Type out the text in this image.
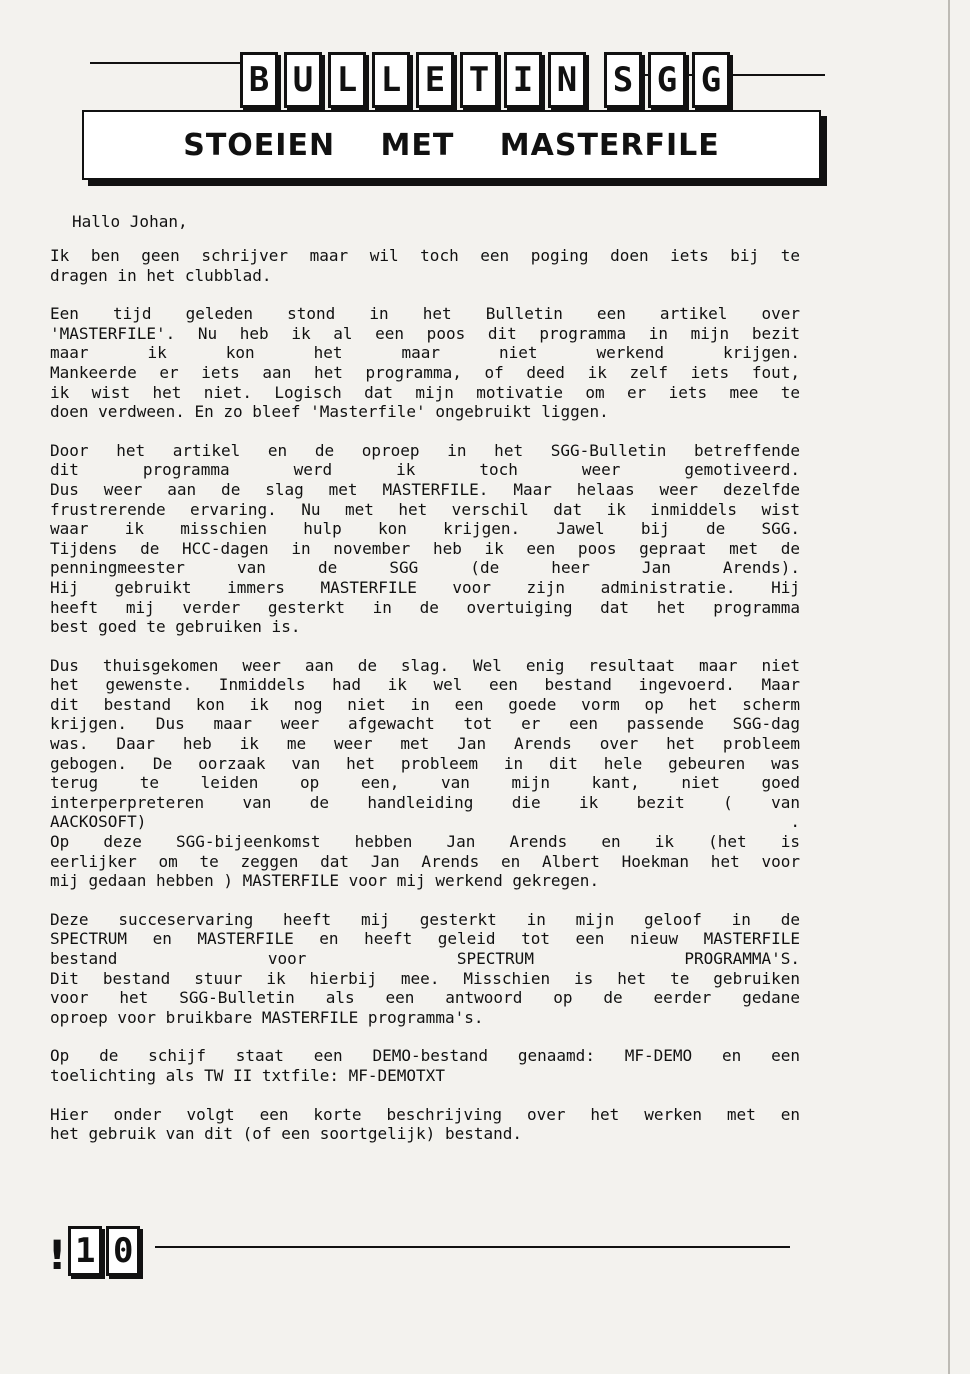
B U L L E T I N S G G
STOEIEN MET MASTERFILE
Hallo Johan,
Ik ben geen schrijver maar wil toch een poging doen iets bij te
dragen in het clubblad.
Een tijd geleden stond in het Bulletin een artikel over
'MASTERFILE'. Nu heb ik al een poos dit programma in mijn bezit
maar ik kon het maar niet werkend krijgen.
Mankeerde er iets aan het programma, of deed ik zelf iets fout,
ik wist het niet. Logisch dat mijn motivatie om er iets mee te
doen verdween. En zo bleef 'Masterfile' ongebruikt liggen.
Door het artikel en de oproep in het SGG-Bulletin betreffende
dit programma werd ik toch weer gemotiveerd.
Dus weer aan de slag met MASTERFILE. Maar helaas weer dezelfde
frustrerende ervaring. Nu met het verschil dat ik inmiddels wist
waar ik misschien hulp kon krijgen. Jawel bij de SGG.
Tijdens de HCC-dagen in november heb ik een poos gepraat met de
penningmeester van de SGG (de heer Jan Arends).
Hij gebruikt immers MASTERFILE voor zijn administratie. Hij
heeft mij verder gesterkt in de overtuiging dat het programma
best goed te gebruiken is.
Dus thuisgekomen weer aan de slag. Wel enig resultaat maar niet
het gewenste. Inmiddels had ik wel een bestand ingevoerd. Maar
dit bestand kon ik nog niet in een goede vorm op het scherm
krijgen. Dus maar weer afgewacht tot er een passende SGG-dag
was. Daar heb ik me weer met Jan Arends over het probleem
gebogen. De oorzaak van het probleem in dit hele gebeuren was
terug te leiden op een, van mijn kant, niet goed
interperpreteren van de handleiding die ik bezit ( van
AACKOSOFT) .
Op deze SGG-bijeenkomst hebben Jan Arends en ik (het is
eerlijker om te zeggen dat Jan Arends en Albert Hoekman het voor
mij gedaan hebben ) MASTERFILE voor mij werkend gekregen.
Deze succeservaring heeft mij gesterkt in mijn geloof in de
SPECTRUM en MASTERFILE en heeft geleid tot een nieuw MASTERFILE
bestand voor SPECTRUM PROGRAMMA'S.
Dit bestand stuur ik hierbij mee. Misschien is het te gebruiken
voor het SGG-Bulletin als een antwoord op de eerder gedane
oproep voor bruikbare MASTERFILE programma's.
Op de schijf staat een DEMO-bestand genaamd: MF-DEMO en een
toelichting als TW II txtfile: MF-DEMOTXT
Hier onder volgt een korte beschrijving over het werken met en
het gebruik van dit (of een soortgelijk) bestand.
! 1 0
